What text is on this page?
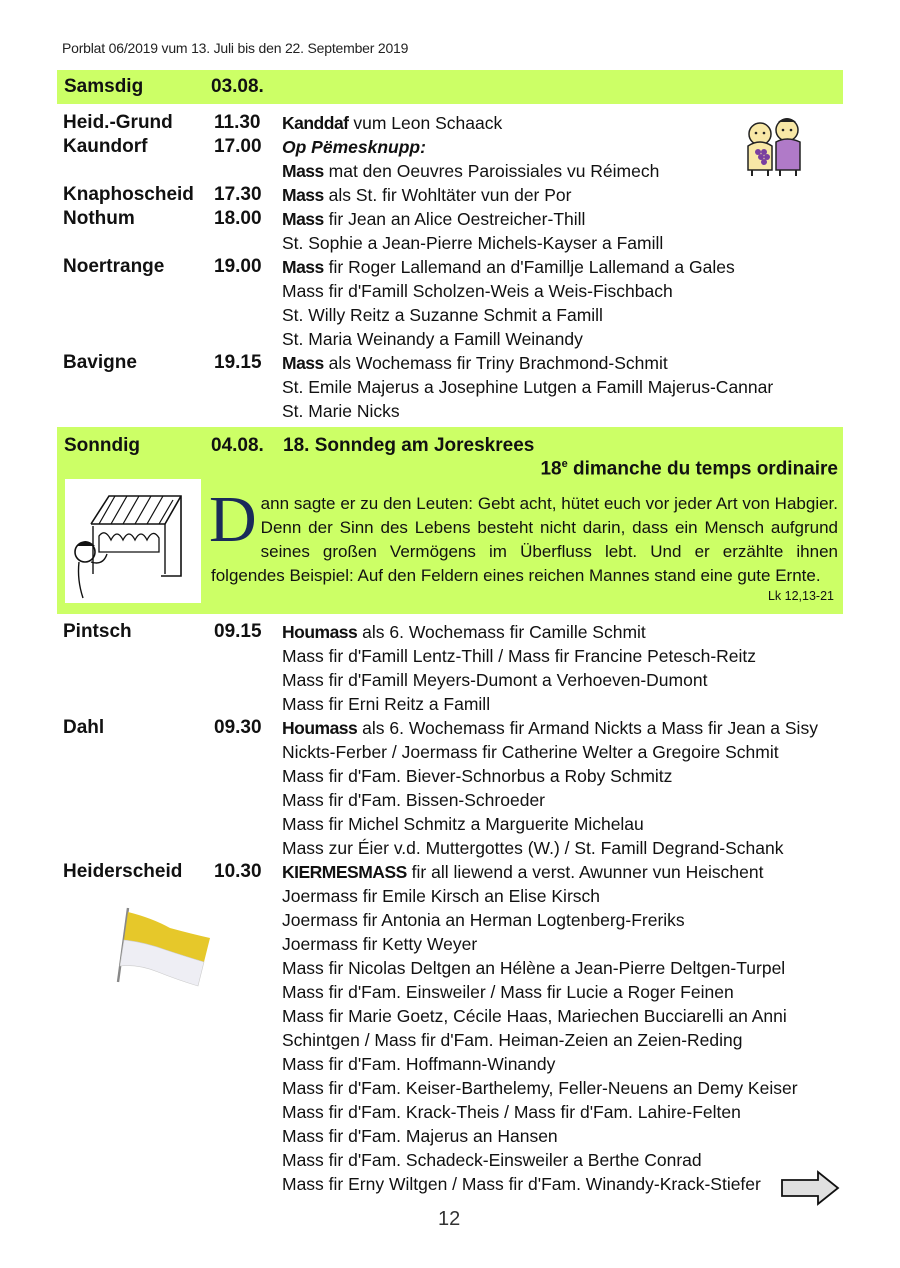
Porblat 06/2019 vum 13. Juli bis den 22. September 2019
Samsdig	03.08.
Heid.-Grund 11.30 Kanddaf vum Leon Schaack
Kaundorf	17.00 Op Pëmesknupp:
Mass mat den Oeuvres Paroissiales vu Réimech
Knaphoscheid 17.30 Mass als St. fir Wohltäter vun der Por
Nothum	18.00 Mass fir Jean an Alice Oestreicher-Thill
St. Sophie a Jean-Pierre Michels-Kayser a Famill
Noertrange	19.00 Mass fir Roger Lallemand an d'Famillje Lallemand a Gales
Mass fir d'Famill Scholzen-Weis a Weis-Fischbach
St. Willy Reitz a Suzanne Schmit a Famill
St. Maria Weinandy a Famill Weinandy
Bavigne	19.15 Mass als Wochemass fir Triny Brachmond-Schmit
St. Emile Majerus a Josephine Lutgen a Famill Majerus-Cannar
St. Marie Nicks
Sonndig	04.08. 18. Sonndeg am Joreskrees
18e dimanche du temps ordinaire
Dann sagte er zu den Leuten: Gebt acht, hütet euch vor jeder Art von Habgier. Denn der Sinn des Lebens besteht nicht darin, dass ein Mensch aufgrund seines großen Vermögens im Überfluss lebt. Und er erzählte ihnen folgendes Beispiel: Auf den Feldern eines reichen Mannes stand eine gute Ernte.
Lk 12,13-21
Pintsch	09.15 Houmass als 6. Wochemass fir Camille Schmit
Mass fir d'Famill Lentz-Thill / Mass fir Francine Petesch-Reitz
Mass fir d'Famill Meyers-Dumont a Verhoeven-Dumont
Mass fir Erni Reitz a Famill
Dahl	09.30 Houmass als 6. Wochemass fir Armand Nickts a Mass fir Jean a Sisy
Nickts-Ferber / Joermass fir Catherine Welter a Gregoire Schmit
Mass fir d'Fam. Biever-Schnorbus a Roby Schmitz
Mass fir d'Fam. Bissen-Schroeder
Mass fir Michel Schmitz a Marguerite Michelau
Mass zur Éier v.d. Muttergottes (W.) / St. Famill Degrand-Schank
Heiderscheid 10.30 KIERMESMASS fir all liewend a verst. Awunner vun Heischent
Joermass fir Emile Kirsch an Elise Kirsch
Joermass fir Antonia an Herman Logtenberg-Freriks
Joermass fir Ketty Weyer
Mass fir Nicolas Deltgen an Hélène a Jean-Pierre Deltgen-Turpel
Mass fir d'Fam. Einsweiler / Mass fir Lucie a Roger Feinen
Mass fir Marie Goetz, Cécile Haas, Mariechen Bucciarelli an Anni
Schintgen / Mass fir d'Fam. Heiman-Zeien an Zeien-Reding
Mass fir d'Fam. Hoffmann-Winandy
Mass fir d'Fam. Keiser-Barthelemy, Feller-Neuens an Demy Keiser
Mass fir d'Fam. Krack-Theis / Mass fir d'Fam. Lahire-Felten
Mass fir d'Fam. Majerus an Hansen
Mass fir d'Fam. Schadeck-Einsweiler a Berthe Conrad
Mass fir Erny Wiltgen / Mass fir d'Fam. Winandy-Krack-Stiefer
12
